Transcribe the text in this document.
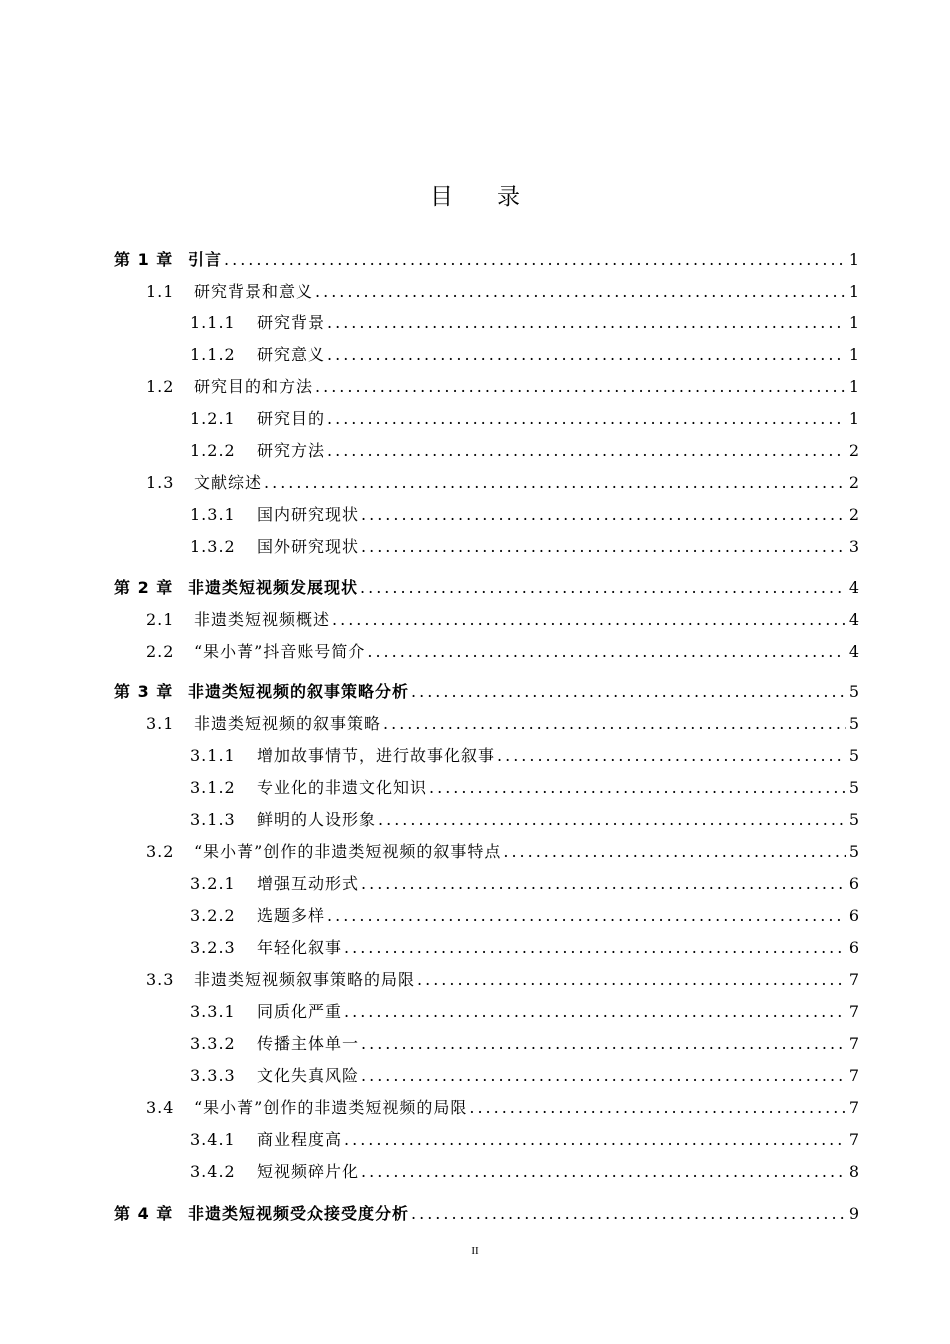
目录
第 1 章 引言 .....	1
1.1	研究背景和意义 .....	1
1.1.1	研究背景 .....	1
1.1.2	研究意义 .....	1
1.2	研究目的和方法 .....	1
1.2.1	研究目的 .....	1
1.2.2	研究方法 .....	2
1.3	文献综述 .....	2
1.3.1	国内研究现状 .....	2
1.3.2	国外研究现状 .....	3
第 2 章 非遗类短视频发展现状 .....	4
2.1	非遗类短视频概述 .....	4
2.2	“果小菁”抖音账号简介 .....	4
第 3 章 非遗类短视频的叙事策略分析 .....	5
3.1	非遗类短视频的叙事策略 .....	5
3.1.1	增加故事情节，进行故事化叙事 .....	5
3.1.2	专业化的非遗文化知识 .....	5
3.1.3	鲜明的人设形象 .....	5
3.2	“果小菁”创作的非遗类短视频的叙事特点 .....	5
3.2.1	增强互动形式 .....	6
3.2.2	选题多样 .....	6
3.2.3	年轻化叙事 .....	6
3.3	非遗类短视频叙事策略的局限 .....	7
3.3.1	同质化严重 .....	7
3.3.2	传播主体单一 .....	7
3.3.3	文化失真风险 .....	7
3.4	“果小菁”创作的非遗类短视频的局限 .....	7
3.4.1	商业程度高 .....	7
3.4.2	短视频碎片化 .....	8
第 4 章 非遗类短视频受众接受度分析 .....	9
II
